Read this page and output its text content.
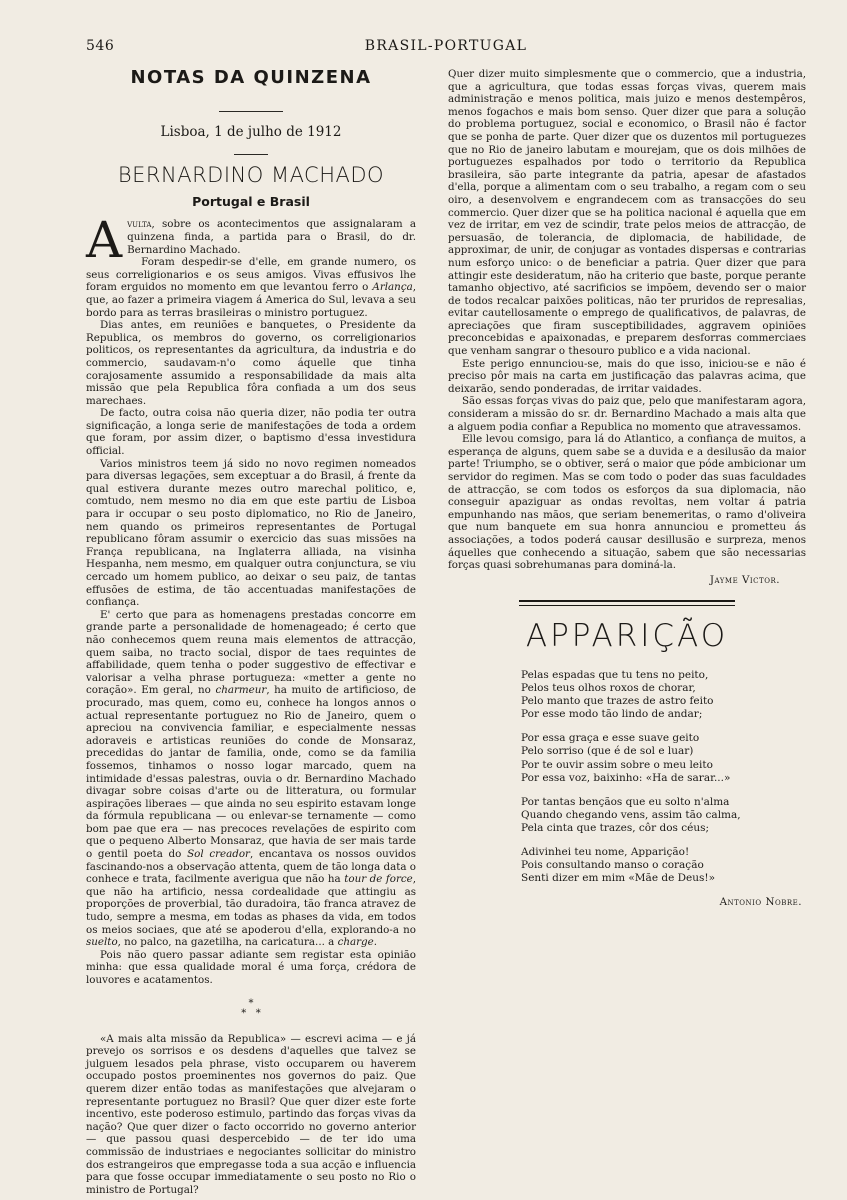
546	BRASIL-PORTUGAL
NOTAS DA QUINZENA
Lisboa, 1 de julho de 1912
BERNARDINO MACHADO
Portugal e Brasil

Avulta, sobre os acontecimentos que assignalaram a quinzena finda, a partida para o Brasil, do dr. Bernardino Machado.

Foram despedir-se d'elle, em grande numero, os seus correligionarios e os seus amigos. Vivas effusivos lhe foram erguidos no momento em que levantou ferro o Arlança, que, ao fazer a primeira viagem á America do Sul, levava a seu bordo para as terras brasileiras o ministro portuguez.

Dias antes, em reuniões e banquetes, o Presidente da Republica, os membros do governo, os correligionarios politicos, os representantes da agricultura, da industria e do commercio, saudavam-n'o como áquelle que tinha corajosamente assumido a responsabilidade da mais alta missão que pela Republica fôra confiada a um dos seus marechaes.

De facto, outra coisa não queria dizer, não podia ter outra significação, a longa serie de manifestações de toda a ordem que foram, por assim dizer, o baptismo d'essa investidura official.

Varios ministros teem já sido no novo regimen nomeados para diversas legações, sem exceptuar a do Brasil, á frente da qual estivera durante mezes outro marechal politico, e, comtudo, nem mesmo no dia em que este partiu de Lisboa para ir occupar o seu posto diplomatico, no Rio de Janeiro, nem quando os primeiros representantes de Portugal republicano fôram assumir o exercicio das suas missões na França republicana, na Inglaterra alliada, na visinha Hespanha, nem mesmo, em qualquer outra conjunctura, se viu cercado um homem publico, ao deixar o seu paiz, de tantas effusões de estima, de tão accentuadas manifestações de confiança.

E' certo que para as homenagens prestadas concorre em grande parte a personalidade de homenageado; é certo que não conhecemos quem reuna mais elementos de attracção, quem saiba, no tracto social, dispor de taes requintes de affabilidade, quem tenha o poder suggestivo de effectivar e valorisar a velha phrase portugueza: «metter a gente no coração». Em geral, no charmeur, ha muito de artificioso, de procurado, mas quem, como eu, conhece ha longos annos o actual representante portuguez no Rio de Janeiro, quem o apreciou na convivencia familiar, e especialmente nessas adoraveis e artisticas reuniões do conde de Monsaraz, precedidas do jantar de familia, onde, como se da familia fossemos, tinhamos o nosso logar marcado, quem na intimidade d'essas palestras, ouvia o dr. Bernardino Machado divagar sobre coisas d'arte ou de litteratura, ou formular aspirações liberaes — que ainda no seu espirito estavam longe da fórmula republicana — ou enlevar-se ternamente — como bom pae que era — nas precoces revelações de espirito com que o pequeno Alberto Monsaraz, que havia de ser mais tarde o gentil poeta do Sol creador, encantava os nossos ouvidos fascinando-nos a observação attenta, quem de tão longa data o conhece e trata, facilmente averigua que não ha tour de force, que não ha artificio, nessa cordealidade que attingiu as proporções de proverbial, tão duradoira, tão franca atravez de tudo, sempre a mesma, em todas as phases da vida, em todos os meios sociaes, que até se apoderou d'ella, explorando-a no suelto, no palco, na gazetilha, na caricatura... a charge.

Pois não quero passar adiante sem registar esta opinião minha: que essa qualidade moral é uma força, crédora de louvores e acatamentos.

*
*   *

«A mais alta missão da Republica» — escrevi acima — e já prevejo os sorrisos e os desdens d'aquelles que talvez se julguem lesados pela phrase, visto occuparem ou haverem occupado postos proeminentes nos governos do paiz. Que querem dizer então todas as manifestações que alvejaram o representante portuguez no Brasil? Que quer dizer este forte incentivo, este poderoso estimulo, partindo das forças vivas da nação? Que quer dizer o facto occorrido no governo anterior — que passou quasi despercebido — de ter ido uma commissão de industriaes e negociantes sollicitar do ministro dos estrangeiros que empregasse toda a sua acção e influencia para que fosse occupar immediatamente o seu posto no Rio o ministro de Portugal?

Quer dizer muito simplesmente que o commercio, que a industria, que a agricultura, que todas essas forças vivas, querem mais administração e menos politica, mais juizo e menos destempêros, menos fogachos e mais bom senso. Quer dizer que para a solução do problema portuguez, social e economico, o Brasil não é factor que se ponha de parte. Quer dizer que os duzentos mil portuguezes que no Rio de janeiro labutam e mourejam, que os dois milhões de portuguezes espalhados por todo o territorio da Republica brasileira, são parte integrante da patria, apesar de afastados d'ella, porque a alimentam com o seu trabalho, a regam com o seu oiro, a desenvolvem e engrandecem com as transacções do seu commercio. Quer dizer que se ha politica nacional é aquella que em vez de irritar, em vez de scindir, trate pelos meios de attracção, de persuasão, de tolerancia, de diplomacia, de habilidade, de approximar, de unir, de conjugar as vontades dispersas e contrarias num esforço unico: o de beneficiar a patria. Quer dizer que para attingir este desideratum, não ha criterio que baste, porque perante tamanho objectivo, até sacrificios se impõem, devendo ser o maior de todos recalcar paixões politicas, não ter pruridos de represalias, evitar cautellosamente o emprego de qualificativos, de palavras, de apreciações que firam susceptibilidades, aggravem opiniões preconcebidas e apaixonadas, e preparem desforras commerciaes que venham sangrar o thesouro publico e a vida nacional.

Este perigo ennunciou-se, mais do que isso, iniciou-se e não é preciso pôr mais na carta em justificação das palavras acima, que deixarão, sendo ponderadas, de irritar vaidades.

São essas forças vivas do paiz que, pelo que manifestaram agora, consideram a missão do sr. dr. Bernardino Machado a mais alta que a alguem podia confiar a Republica no momento que atravessamos.

Elle levou comsigo, para lá do Atlantico, a confiança de muitos, a esperança de alguns, quem sabe se a duvida e a desilusão da maior parte! Triumpho, se o obtiver, será o maior que póde ambicionar um servidor do regimen. Mas se com todo o poder das suas faculdades de attracção, se com todos os esforços da sua diplomacia, não conseguir apaziguar as ondas revoltas, nem voltar á patria empunhando nas mãos, que seriam benemeritas, o ramo d'oliveira que num banquete em sua honra annunciou e prometteu ás associações, a todos poderá causar desillusão e surpreza, menos áquelles que conhecendo a situação, sabem que são necessarias forças quasi sobrehumanas para dominá-la.

Jayme Victor.
APPARIÇÃO
Pelas espadas que tu tens no peito,
Pelos teus olhos roxos de chorar,
Pelo manto que trazes de astro feito
Por esse modo tão lindo de andar;
Por essa graça e esse suave geito
Pelo sorriso (que é de sol e luar)
Por te ouvir assim sobre o meu leito
Por essa voz, baixinho: «Ha de sarar...»
Por tantas bençãos que eu solto n'alma
Quando chegando vens, assim tão calma,
Pela cinta que trazes, côr dos céus;
Adivinhei teu nome, Apparição!
Pois consultando manso o coração
Senti dizer em mim «Mãe de Deus!»
Antonio Nobre.
